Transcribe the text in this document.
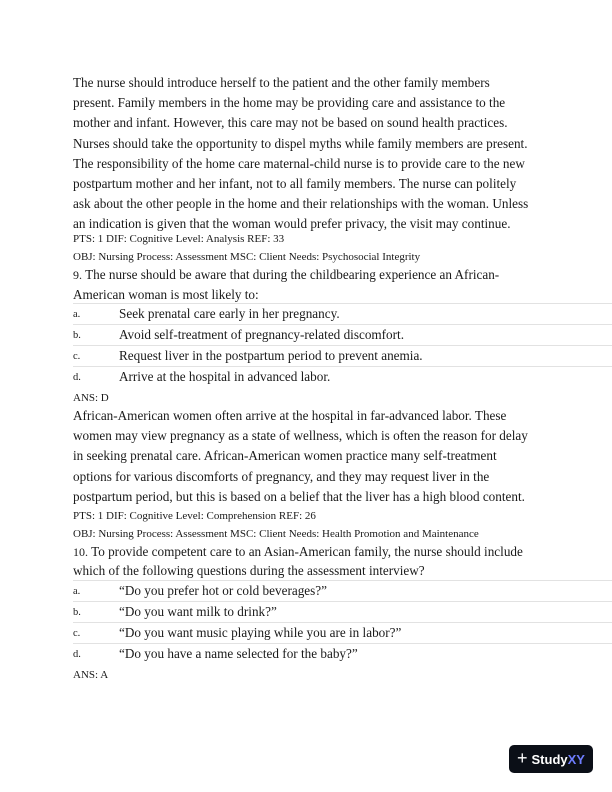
The nurse should introduce herself to the patient and the other family members
present. Family members in the home may be providing care and assistance to the
mother and infant. However, this care may not be based on sound health practices.
Nurses should take the opportunity to dispel myths while family members are present.
The responsibility of the home care maternal-child nurse is to provide care to the new
postpartum mother and her infant, not to all family members. The nurse can politely
ask about the other people in the home and their relationships with the woman. Unless
an indication is given that the woman would prefer privacy, the visit may continue.

PTS: 1 DIF: Cognitive Level: Analysis REF: 33
OBJ: Nursing Process: Assessment MSC: Client Needs: Psychosocial Integrity
9. The nurse should be aware that during the childbearing experience an African-
American woman is most likely to:
a.	Seek prenatal care early in her pregnancy.
b.	Avoid self-treatment of pregnancy-related discomfort.
c.	Request liver in the postpartum period to prevent anemia.
d.	Arrive at the hospital in advanced labor.
ANS: D

African-American women often arrive at the hospital in far-advanced labor. These
women may view pregnancy as a state of wellness, which is often the reason for delay
in seeking prenatal care. African-American women practice many self-treatment
options for various discomforts of pregnancy, and they may request liver in the
postpartum period, but this is based on a belief that the liver has a high blood content.

PTS: 1 DIF: Cognitive Level: Comprehension REF: 26
OBJ: Nursing Process: Assessment MSC: Client Needs: Health Promotion and Maintenance
10. To provide competent care to an Asian-American family, the nurse should include
which of the following questions during the assessment interview?
a.	“Do you prefer hot or cold beverages?”
b.	“Do you want milk to drink?”
c.	“Do you want music playing while you are in labor?”
d.	“Do you have a name selected for the baby?”
ANS: A
+ StudyXY
